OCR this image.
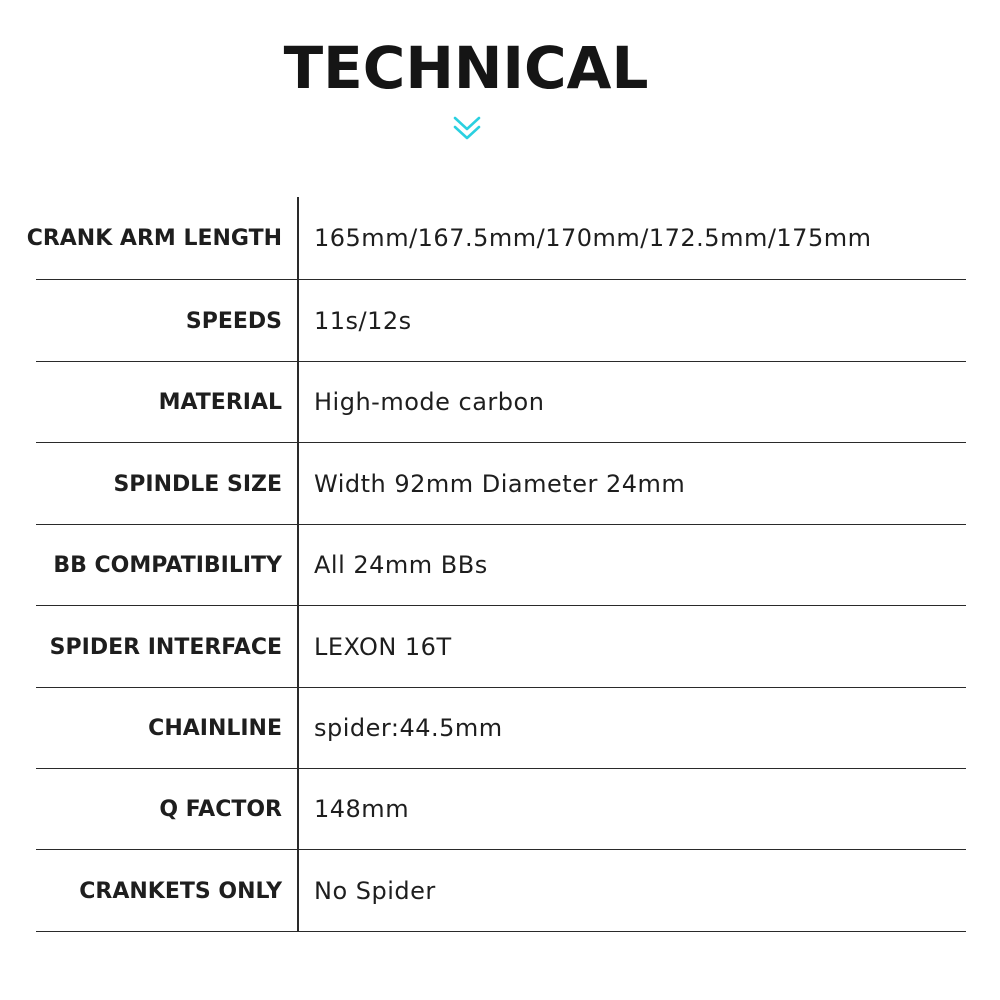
TECHNICAL
CRANK ARM LENGTH 165mm/167.5mm/170mm/172.5mm/175mm
SPEEDS 11s/12s
MATERIAL High-mode carbon
SPINDLE SIZE Width 92mm Diameter 24mm
BB COMPATIBILITY All 24mm BBs
SPIDER INTERFACE LEXON 16T
CHAINLINE spider:44.5mm
Q FACTOR 148mm
CRANKETS ONLY No Spider
